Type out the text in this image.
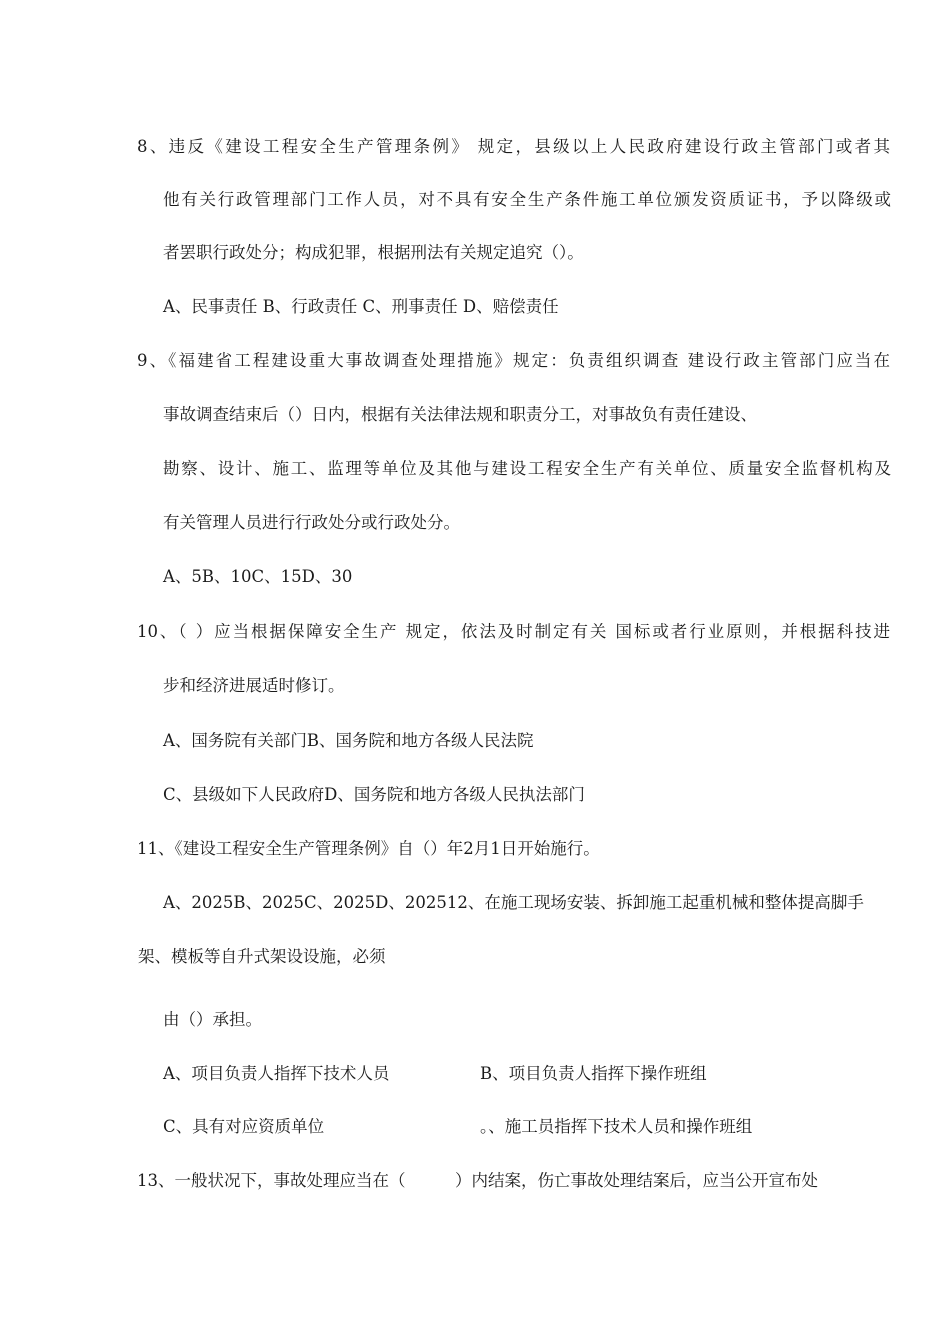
8、违反《建设工程安全生产管理条例》 规定，县级以上人民政府建设行政主管部门或者其
他有关行政管理部门工作人员，对不具有安全生产条件施工单位颁发资质证书，予以降级或
者罢职行政处分；构成犯罪，根据刑法有关规定追究（）。
A、民事责任 B、行政责任 C、刑事责任 D、赔偿责任
9、《福建省工程建设重大事故调查处理措施》规定：负责组织调查 建设行政主管部门应当在
事故调查结束后（）日内，根据有关法律法规和职责分工，对事故负有责任建设、
勘察、设计、施工、监理等单位及其他与建设工程安全生产有关单位、质量安全监督机构及
有关管理人员进行行政处分或行政处分。
A、5B、10C、15D、30
10、（ ）应当根据保障安全生产 规定，依法及时制定有关 国标或者行业原则，并根据科技进
步和经济进展适时修订。
A、国务院有关部门B、国务院和地方各级人民法院
C、县级如下人民政府D、国务院和地方各级人民执法部门
11、《建设工程安全生产管理条例》自（）年2月1日开始施行。
A、2025B、2025C、2025D、202512、在施工现场安装、拆卸施工起重机械和整体提高脚手
架、模板等自升式架设设施，必须
由（）承担。
A、项目负责人指挥下技术人员	B、项目负责人指挥下操作班组
C、具有对应资质单位	。、施工员指挥下技术人员和操作班组
13、一般状况下，事故处理应当在（　　　）内结案，伤亡事故处理结案后，应当公开宣布处
